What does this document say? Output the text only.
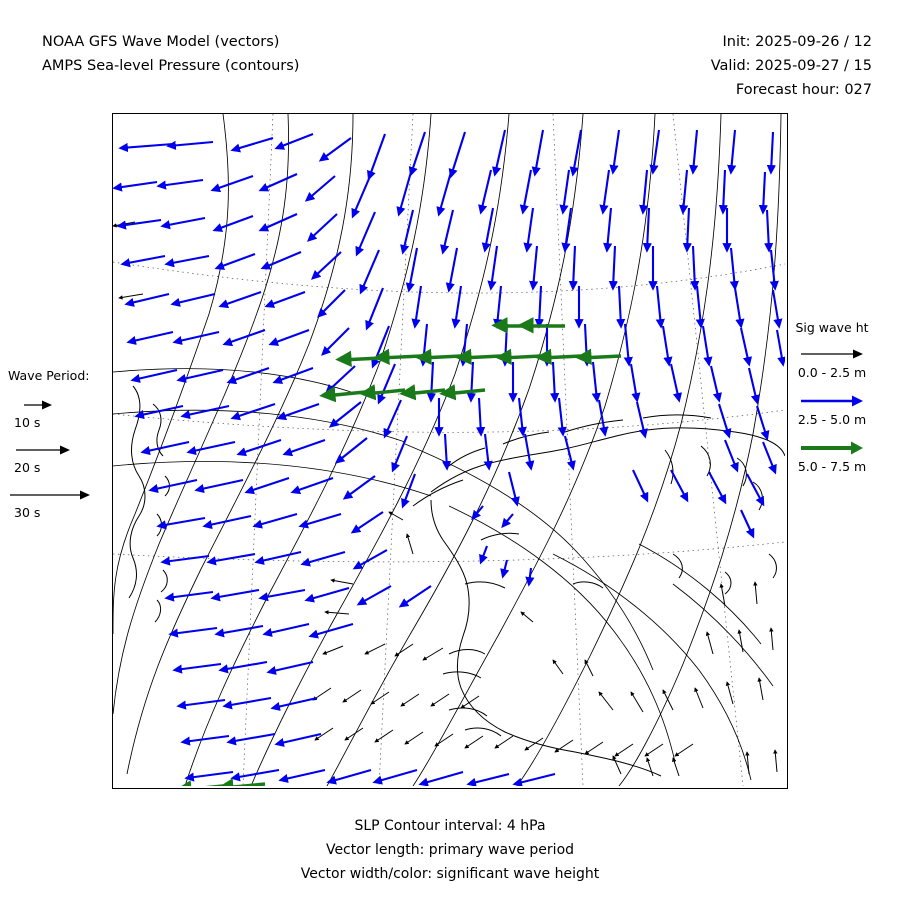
NOAA GFS Wave Model (vectors)
AMPS Sea-level Pressure (contours)
Init: 2025-09-26 / 12
Valid: 2025-09-27 / 15
Forecast hour: 027
Sig wave ht
0.0 - 2.5 m
2.5 - 5.0 m
5.0 - 7.5 m
Wave Period:
10 s
20 s
30 s
SLP Contour interval: 4 hPa
Vector length: primary wave period
Vector width/color: significant wave height
